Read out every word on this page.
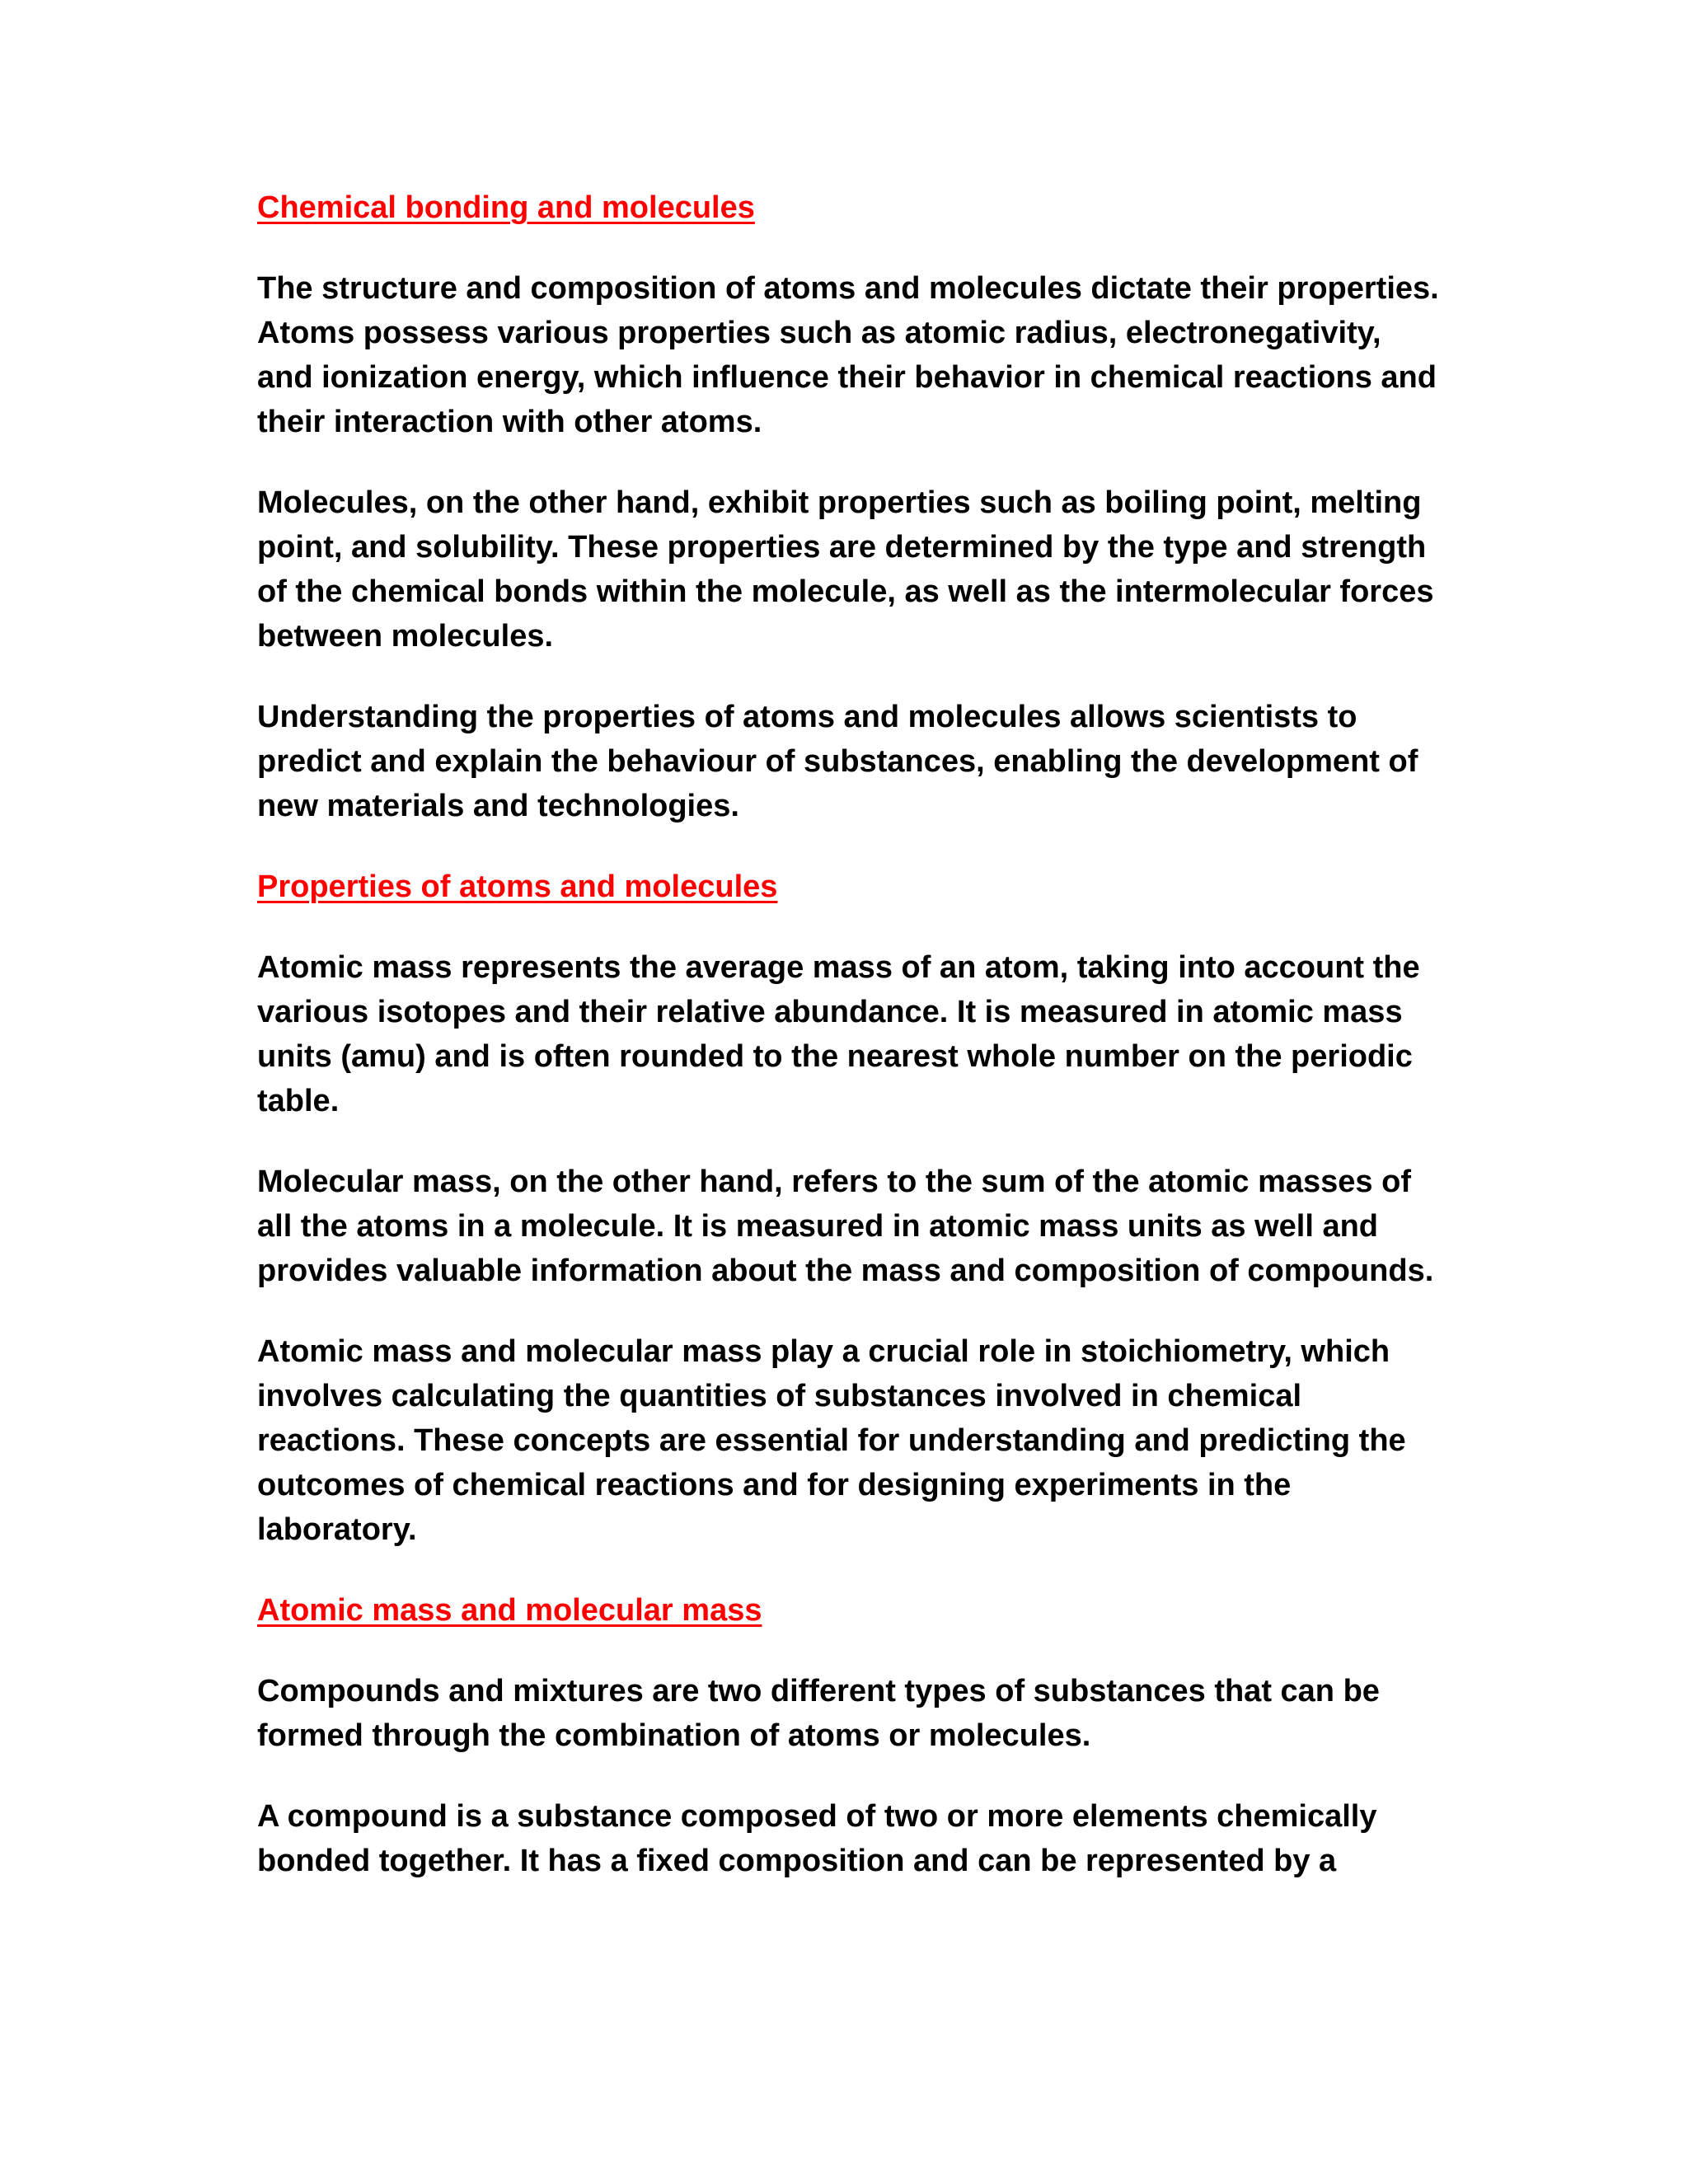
Chemical bonding and molecules

The structure and composition of atoms and molecules dictate their properties. Atoms possess various properties such as atomic radius, electronegativity, and ionization energy, which influence their behavior in chemical reactions and their interaction with other atoms.

Molecules, on the other hand, exhibit properties such as boiling point, melting point, and solubility. These properties are determined by the type and strength of the chemical bonds within the molecule, as well as the intermolecular forces between molecules.

Understanding the properties of atoms and molecules allows scientists to predict and explain the behaviour of substances, enabling the development of new materials and technologies.

Properties of atoms and molecules

Atomic mass represents the average mass of an atom, taking into account the various isotopes and their relative abundance. It is measured in atomic mass units (amu) and is often rounded to the nearest whole number on the periodic table.

Molecular mass, on the other hand, refers to the sum of the atomic masses of all the atoms in a molecule. It is measured in atomic mass units as well and provides valuable information about the mass and composition of compounds.

Atomic mass and molecular mass play a crucial role in stoichiometry, which involves calculating the quantities of substances involved in chemical reactions. These concepts are essential for understanding and predicting the outcomes of chemical reactions and for designing experiments in the laboratory.

Atomic mass and molecular mass

Compounds and mixtures are two different types of substances that can be formed through the combination of atoms or molecules.

A compound is a substance composed of two or more elements chemically bonded together. It has a fixed composition and can be represented by a
